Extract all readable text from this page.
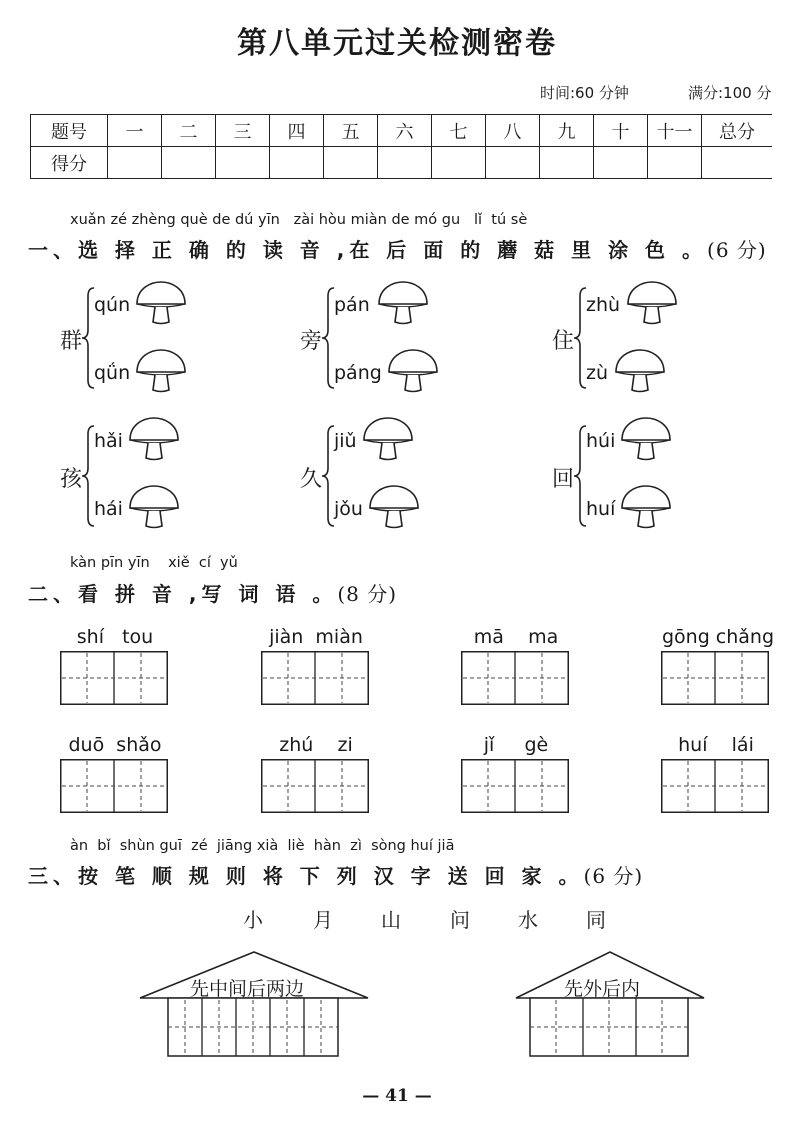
第八单元过关检测密卷
时间:60 分钟	满分:100 分
题号	一	二	三	四	五	六	七	八	九	十	十一	总分
得分												
xuǎn zé zhèng què de dú yīn   zài hòu miàn de mó gu   lǐ  tú sè
一、选 择 正 确 的 读 音 ,在 后 面 的 蘑 菇 里 涂 色 。(6 分)
群
qún
qǘn
旁
pán
páng
住
zhù
zù
孩
hǎi
hái
久
jiǔ
jǒu
回
húi
huí
kàn pīn yīn    xiě  cí  yǔ
二、看 拼 音 ,写 词 语 。(8 分)
shí   tou	jiàn  miàn	mā    ma	gōng chǎng
duō  shǎo	zhú    zi	jǐ     gè	huí    lái
àn  bǐ  shùn guī  zé  jiāng xià  liè  hàn  zì  sòng huí jiā
三、按 笔 顺 规 则 将 下 列 汉 字 送 回 家 。(6 分)
小	月 山 问 水 同
先中间后两边	先外后内
— 41 —
